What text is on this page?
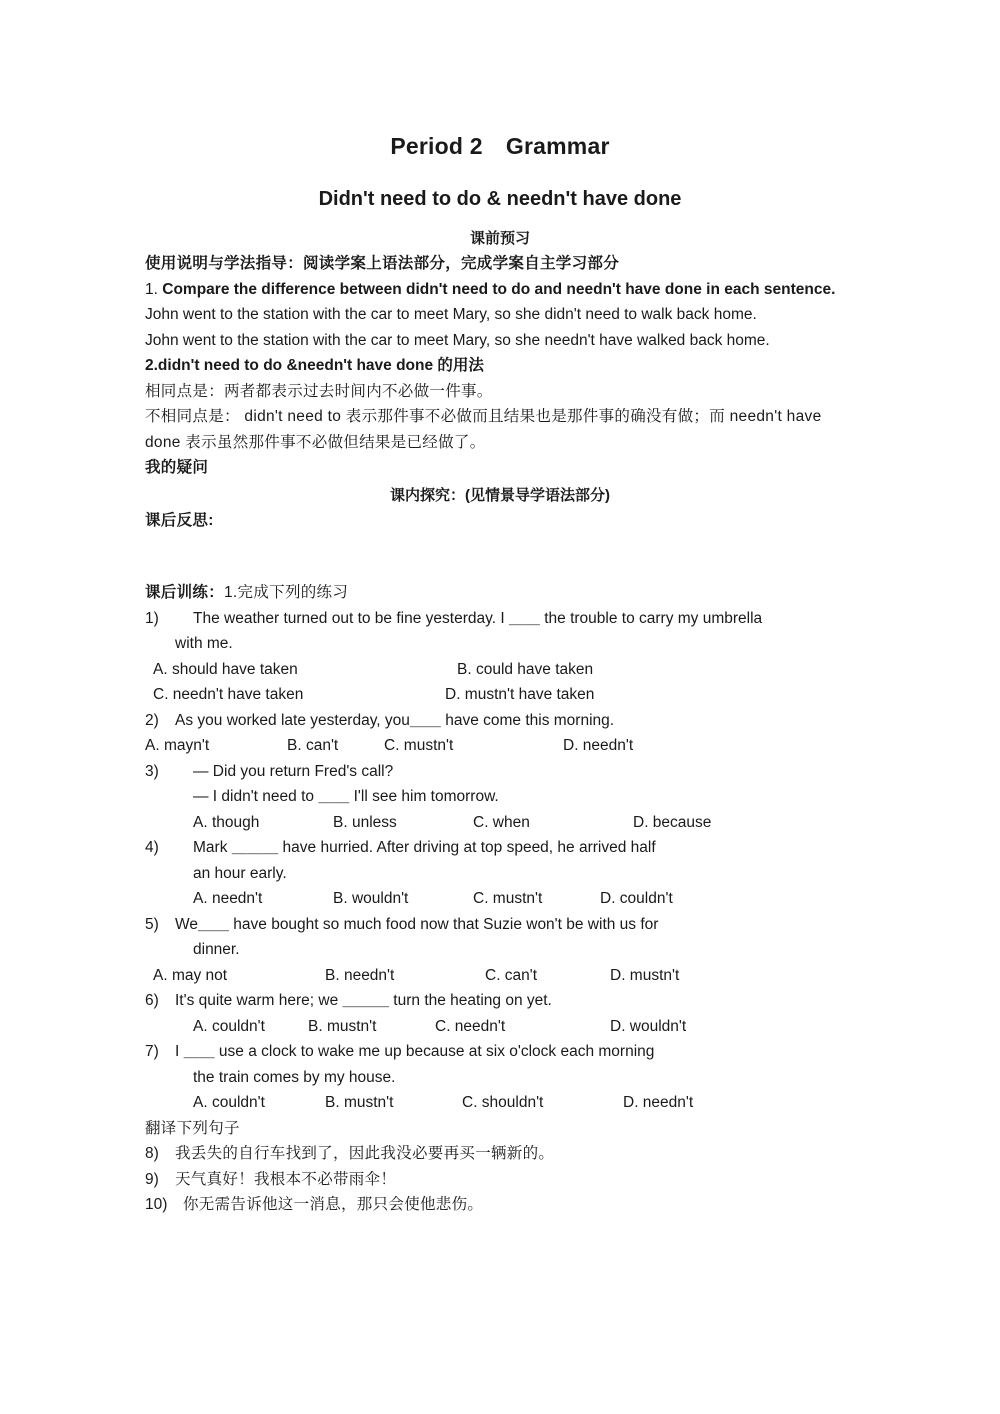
Period 2　Grammar
Didn't need to do & needn't have done
课前预习
使用说明与学法指导：阅读学案上语法部分，完成学案自主学习部分
1. Compare the difference between didn't need to do and needn't have done in each sentence.
John went to the station with the car to meet Mary, so she didn't need to walk back home.
John went to the station with the car to meet Mary, so she needn't have walked back home.
2.didn't need to do &needn't have done 的用法
相同点是：两者都表示过去时间内不必做一件事。
不相同点是： didn't need to 表示那件事不必做而且结果也是那件事的确没有做；而 needn't have done 表示虽然那件事不必做但结果是已经做了。
我的疑问
课内探究：(见情景导学语法部分)
课后反思:
课后训练：1.完成下列的练习
1)	The weather turned out to be fine yesterday. I ＿＿ the trouble to carry my umbrella
with me.
A. should have taken	B. could have taken
C. needn't have taken	D. mustn't have taken
2)	As you worked late yesterday, you＿＿ have come this morning.
A. mayn't	B. can't	C. mustn't	D. needn't
3)	— Did you return Fred's call?
— I didn't need to ＿＿ I'll see him tomorrow.
A. though	B. unless	C. when	D. because
4)	Mark ＿＿＿ have hurried. After driving at top speed, he arrived half
an hour early.
A. needn't	B. wouldn't	C. mustn't	D. couldn't
5)	We＿＿ have bought so much food now that Suzie won't be with us for
dinner.
A. may not	B. needn't	C. can't	D. mustn't
6)	It's quite warm here; we ＿＿＿ turn the heating on yet.
A. couldn't	B. mustn't	C. needn't	D. wouldn't
7)	I ＿＿ use a clock to wake me up because at six o'clock each morning
the train comes by my house.
A. couldn't	B. mustn't	C. shouldn't	D. needn't
翻译下列句子
8)	我丢失的自行车找到了，因此我没必要再买一辆新的。
9)	天气真好！我根本不必带雨伞！
10)	你无需告诉他这一消息，那只会使他悲伤。
